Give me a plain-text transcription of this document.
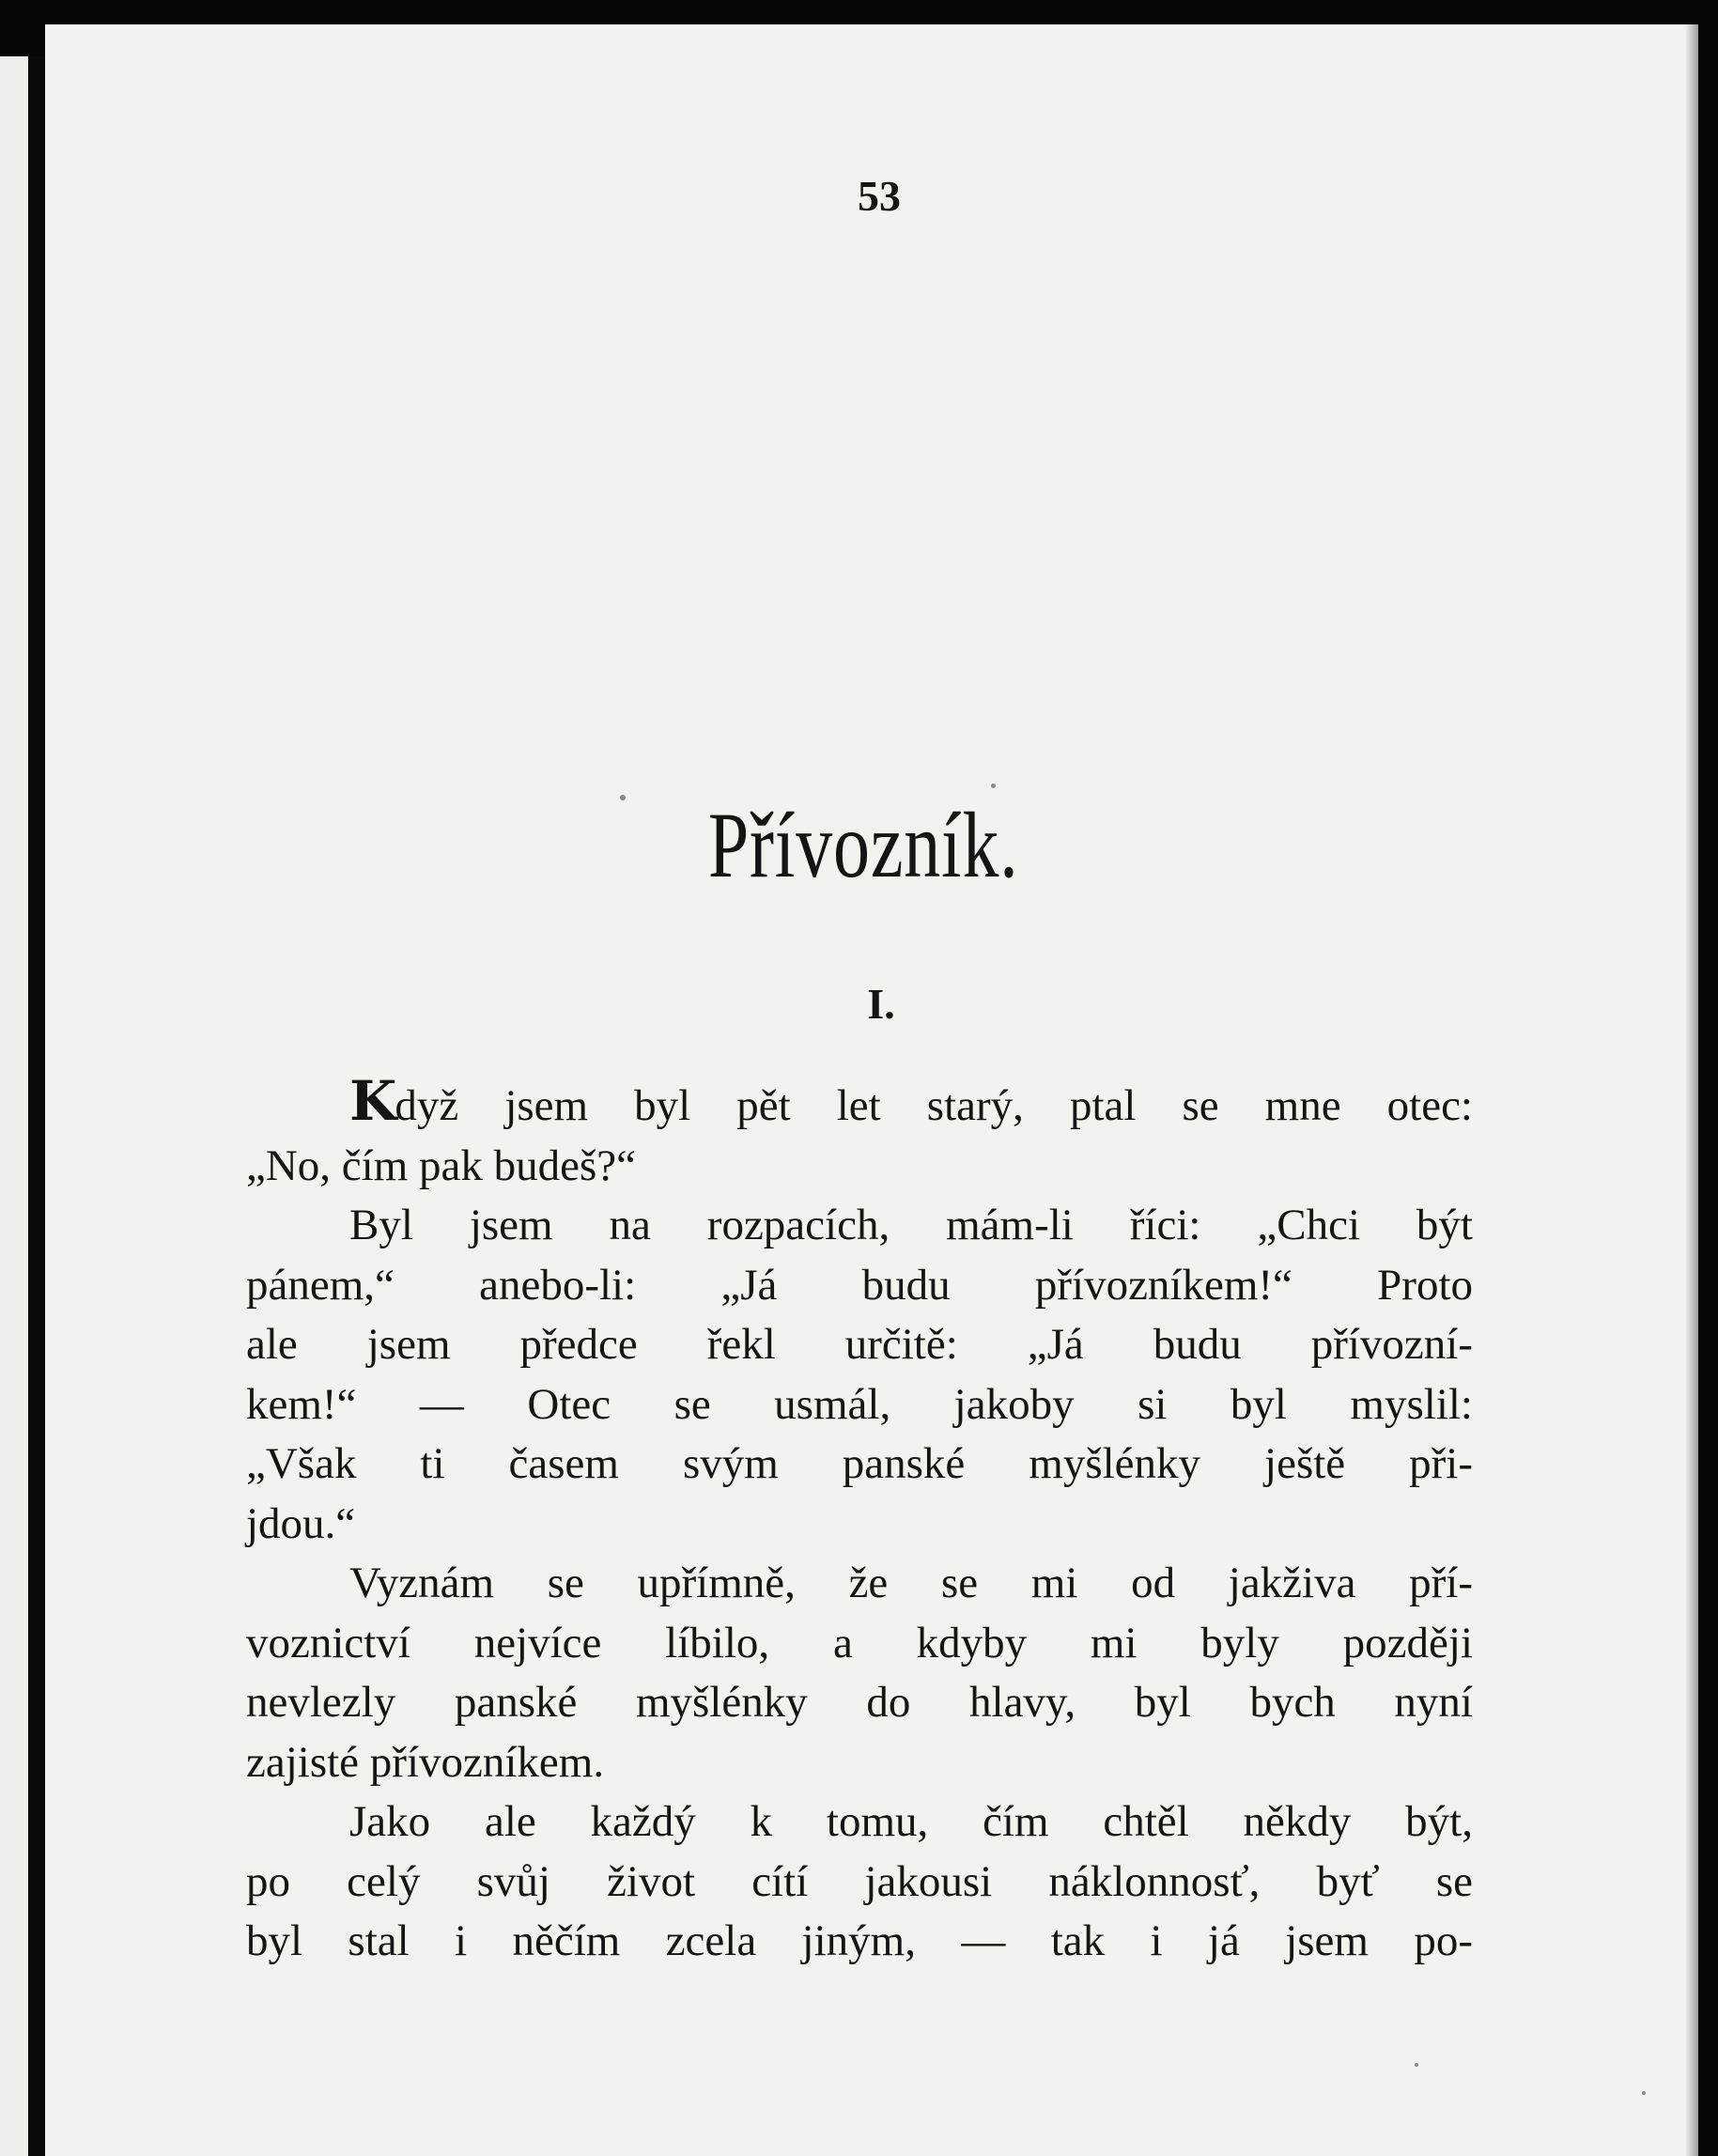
53
Přívozník.
I.
Když jsem byl pět let starý, ptal se mne otec:
„No, čím pak budeš?“
Byl jsem na rozpacích, mám-li říci: „Chci být
pánem,“ anebo-li: „Já budu přívozníkem!“ Proto
ale jsem předce řekl určitě: „Já budu přívozní-
kem!“ — Otec se usmál, jakoby si byl myslil:
„Však ti časem svým panské myšlénky ještě při-
jdou.“
Vyznám se upřímně, že se mi od jakživa pří-
voznictví nejvíce líbilo, a kdyby mi byly později
nevlezly panské myšlénky do hlavy, byl bych nyní
zajisté přívozníkem.
Jako ale každý k tomu, čím chtěl někdy být,
po celý svůj život cítí jakousi náklonnosť, byť se
byl stal i něčím zcela jiným, — tak i já jsem po-
